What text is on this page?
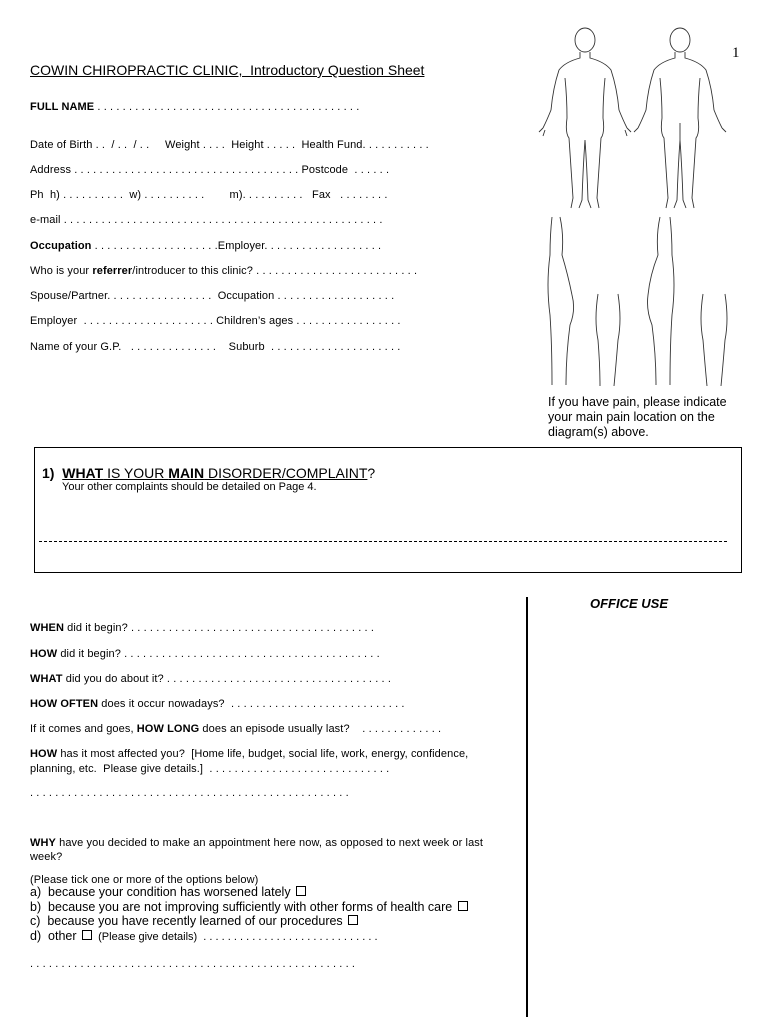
COWIN CHIROPRACTIC CLINIC,  Introductory Question Sheet
1
FULL NAME . . . . . . . . . . . . . . . . . . . . . . . . . . . . . . . . . . . . . . . . . .
Date of Birth . .  / . .  / . .     Weight . . . .  Height . . . . .  Health Fund. . . . . . . . . . .
Address . . . . . . . . . . . . . . . . . . . . . . . . . . . . . . . . . . . . Postcode  . . . . . .
Ph  h) . . . . . . . . . .  w) . . . . . . . . . .        m). . . . . . . . . .   Fax   . . . . . . . .
e-mail . . . . . . . . . . . . . . . . . . . . . . . . . . . . . . . . . . . . . . . . . . . . . . . . . . .
Occupation . . . . . . . . . . . . . . . . . . . .Employer. . . . . . . . . . . . . . . . . . .
Who is your referrer/introducer to this clinic? . . . . . . . . . . . . . . . . . . . . . . . . . .
Spouse/Partner. . . . . . . . . . . . . . . . .  Occupation . . . . . . . . . . . . . . . . . . .
Employer  . . . . . . . . . . . . . . . . . . . . . Children’s ages . . . . . . . . . . . . . . . . .
Name of your G.P.   . . . . . . . . . . . . . .    Suburb  . . . . . . . . . . . . . . . . . . . . .
If you have pain, please indicate your main pain location on the diagram(s) above.
1)  WHAT IS YOUR MAIN DISORDER/COMPLAINT?
Your other complaints should be detailed on Page 4.
OFFICE USE
WHEN did it begin? . . . . . . . . . . . . . . . . . . . . . . . . . . . . . . . . . . . . . . .
HOW did it begin? . . . . . . . . . . . . . . . . . . . . . . . . . . . . . . . . . . . . . . . . .
WHAT did you do about it? . . . . . . . . . . . . . . . . . . . . . . . . . . . . . . . . . . . .
HOW OFTEN does it occur nowadays?  . . . . . . . . . . . . . . . . . . . . . . . . . . . .
If it comes and goes, HOW LONG does an episode usually last?    . . . . . . . . . . . . .
HOW has it most affected you?  [Home life, budget, social life, work, energy, confidence,
planning, etc.  Please give details.]  . . . . . . . . . . . . . . . . . . . . . . . . . . . . .
. . . . . . . . . . . . . . . . . . . . . . . . . . . . . . . . . . . . . . . . . . . . . . . . . . .
WHY have you decided to make an appointment here now, as opposed to next week or last
week?
(Please tick one or more of the options below)
a)  because your condition has worsened lately
b)  because you are not improving sufficiently with other forms of health care
c)  because you have recently learned of our procedures
d)  other   (Please give details)  . . . . . . . . . . . . . . . . . . . . . . . . . . . . .
. . . . . . . . . . . . . . . . . . . . . . . . . . . . . . . . . . . . . . . . . . . . . . . . . . . .
